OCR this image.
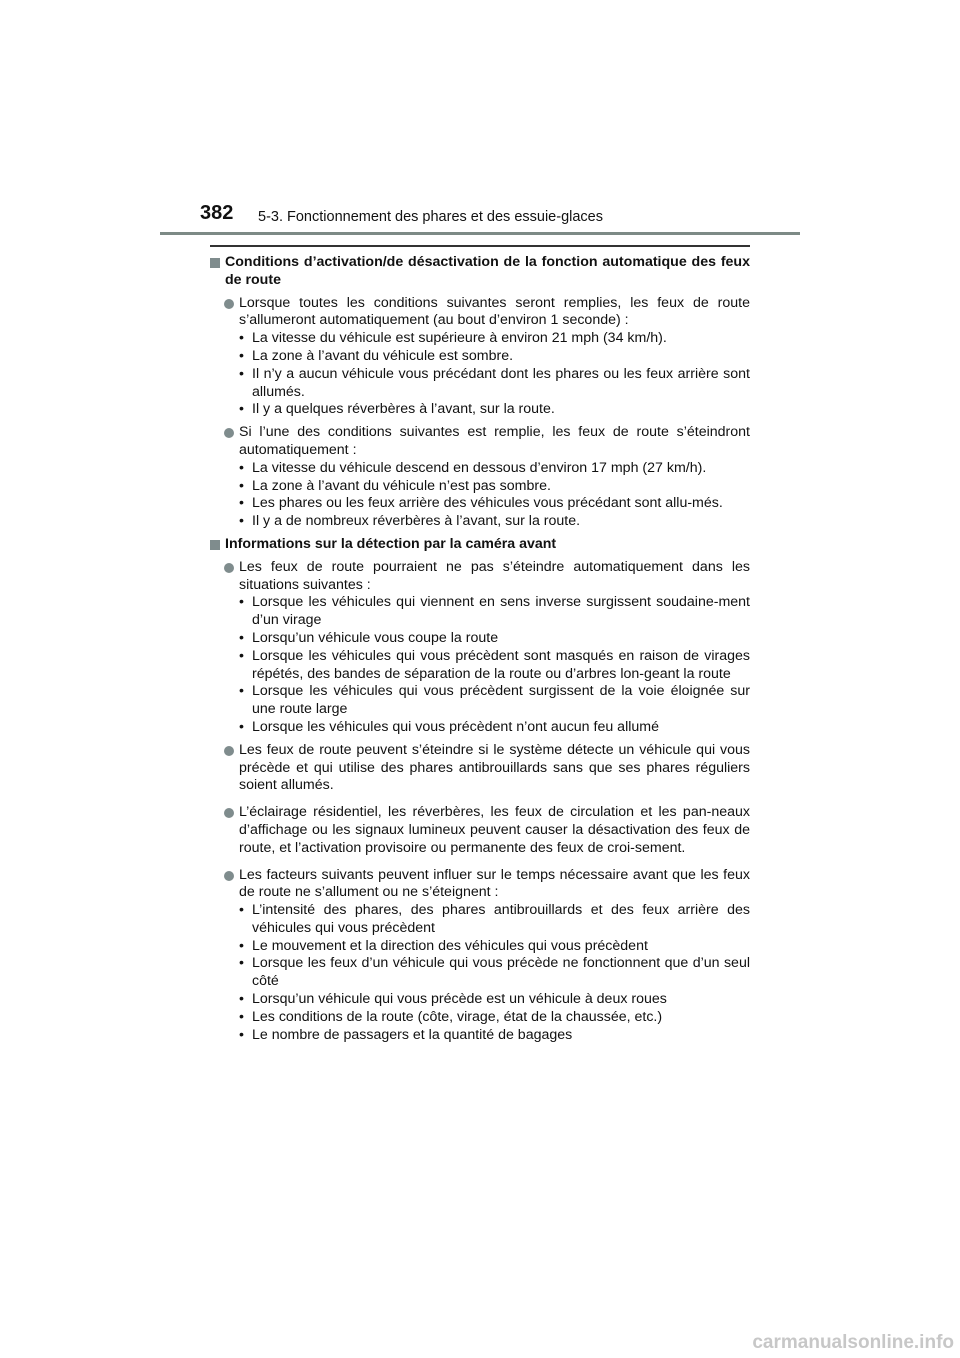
382 5-3. Fonctionnement des phares et des essuie-glaces
Conditions d’activation/de désactivation de la fonction automatique des feux de route
Lorsque toutes les conditions suivantes seront remplies, les feux de route s’allumeront automatiquement (au bout d’environ 1 seconde) :
• La vitesse du véhicule est supérieure à environ 21 mph (34 km/h).
• La zone à l’avant du véhicule est sombre.
• Il n’y a aucun véhicule vous précédant dont les phares ou les feux arrière sont allumés.
• Il y a quelques réverbères à l’avant, sur la route.
Si l’une des conditions suivantes est remplie, les feux de route s’éteindront automatiquement :
• La vitesse du véhicule descend en dessous d’environ 17 mph (27 km/h).
• La zone à l’avant du véhicule n’est pas sombre.
• Les phares ou les feux arrière des véhicules vous précédant sont allu-més.
• Il y a de nombreux réverbères à l’avant, sur la route.
Informations sur la détection par la caméra avant
Les feux de route pourraient ne pas s’éteindre automatiquement dans les situations suivantes :
• Lorsque les véhicules qui viennent en sens inverse surgissent soudaine-ment d’un virage
• Lorsqu’un véhicule vous coupe la route
• Lorsque les véhicules qui vous précèdent sont masqués en raison de virages répétés, des bandes de séparation de la route ou d’arbres lon-geant la route
• Lorsque les véhicules qui vous précèdent surgissent de la voie éloignée sur une route large
• Lorsque les véhicules qui vous précèdent n’ont aucun feu allumé
Les feux de route peuvent s’éteindre si le système détecte un véhicule qui vous précède et qui utilise des phares antibrouillards sans que ses phares réguliers soient allumés.
L’éclairage résidentiel, les réverbères, les feux de circulation et les pan-neaux d’affichage ou les signaux lumineux peuvent causer la désactivation des feux de route, et l’activation provisoire ou permanente des feux de croi-sement.
Les facteurs suivants peuvent influer sur le temps nécessaire avant que les feux de route ne s’allument ou ne s’éteignent :
• L’intensité des phares, des phares antibrouillards et des feux arrière des véhicules qui vous précèdent
• Le mouvement et la direction des véhicules qui vous précèdent
• Lorsque les feux d’un véhicule qui vous précède ne fonctionnent que d’un seul côté
• Lorsqu’un véhicule qui vous précède est un véhicule à deux roues
• Les conditions de la route (côte, virage, état de la chaussée, etc.)
• Le nombre de passagers et la quantité de bagages
carmanualsonline.info
